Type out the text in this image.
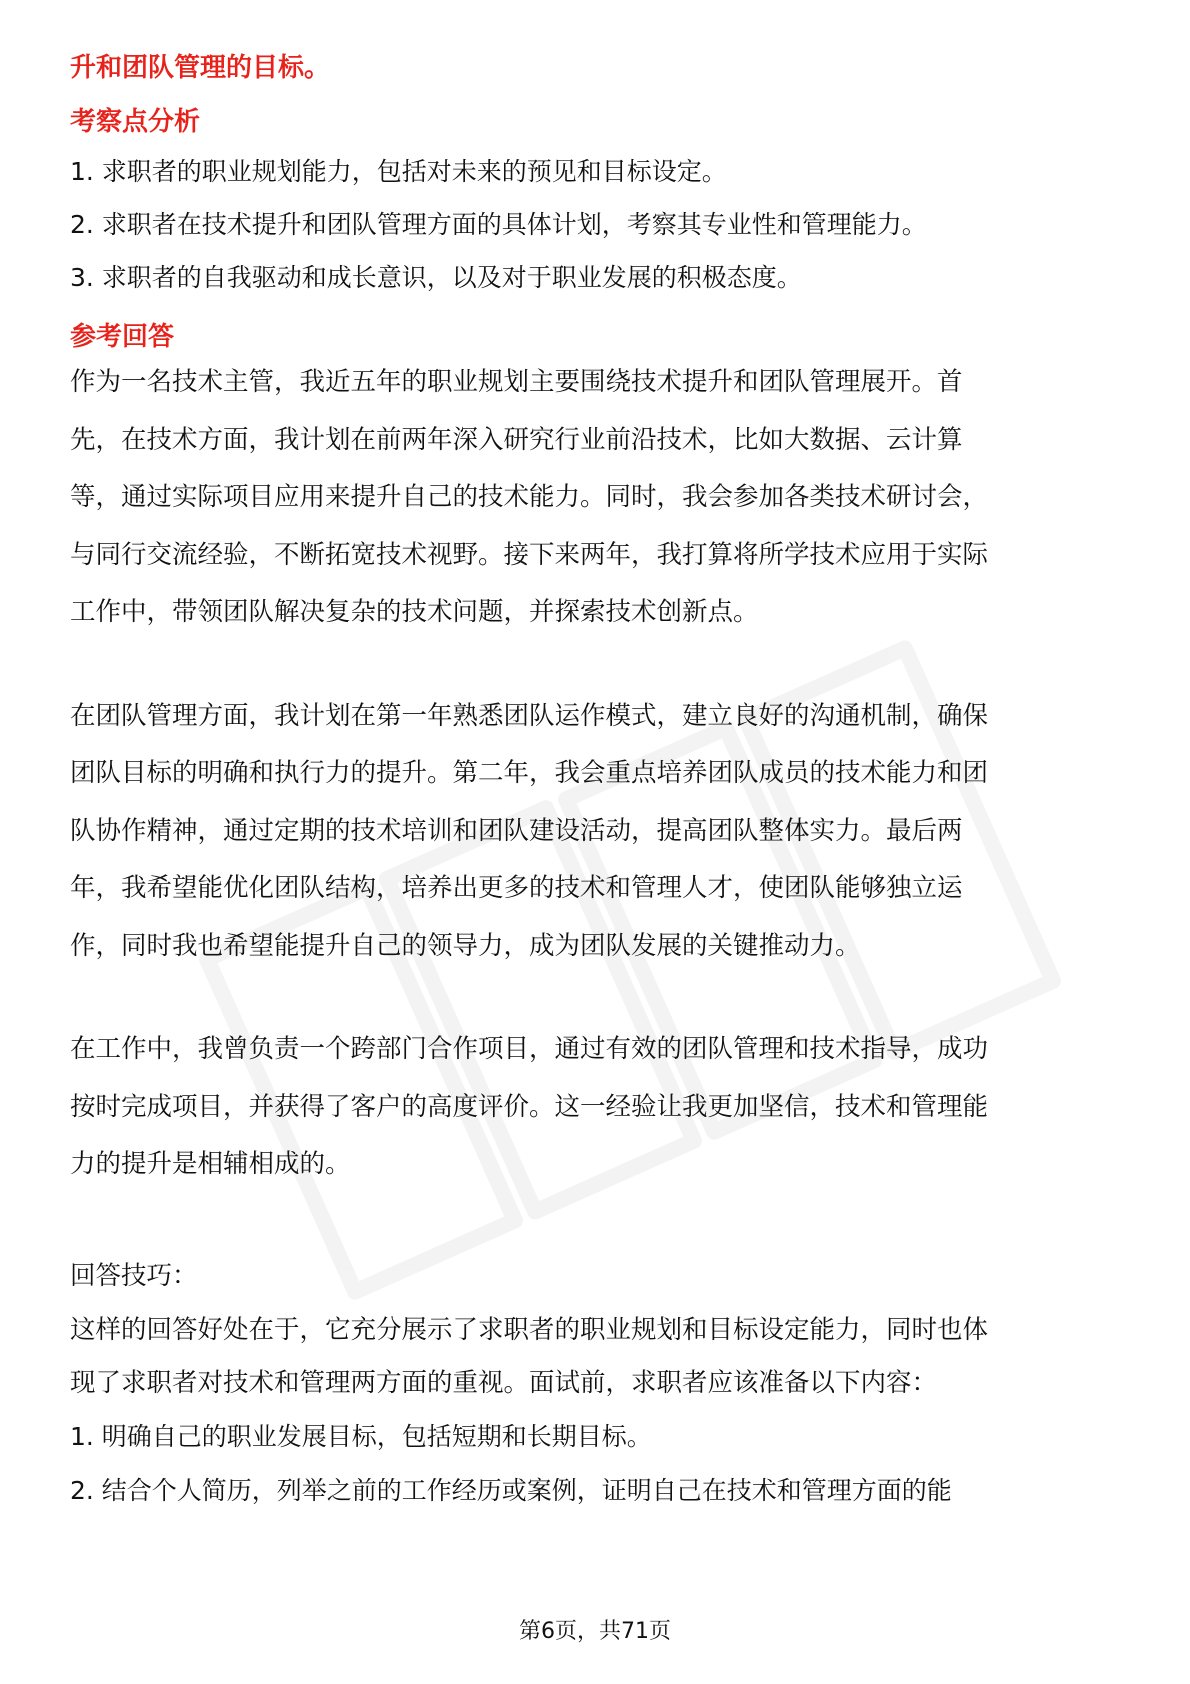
升和团队管理的目标。

考察点分析

1. 求职者的职业规划能力，包括对未来的预见和目标设定。

2. 求职者在技术提升和团队管理方面的具体计划，考察其专业性和管理能力。

3. 求职者的自我驱动和成长意识，以及对于职业发展的积极态度。

参考回答

作为一名技术主管，我近五年的职业规划主要围绕技术提升和团队管理展开。首

先，在技术方面，我计划在前两年深入研究行业前沿技术，比如大数据、云计算

等，通过实际项目应用来提升自己的技术能力。同时，我会参加各类技术研讨会，

与同行交流经验，不断拓宽技术视野。接下来两年，我打算将所学技术应用于实际

工作中，带领团队解决复杂的技术问题，并探索技术创新点。

在团队管理方面，我计划在第一年熟悉团队运作模式，建立良好的沟通机制，确保

团队目标的明确和执行力的提升。第二年，我会重点培养团队成员的技术能力和团

队协作精神，通过定期的技术培训和团队建设活动，提高团队整体实力。最后两

年，我希望能优化团队结构，培养出更多的技术和管理人才，使团队能够独立运

作，同时我也希望能提升自己的领导力，成为团队发展的关键推动力。

在工作中，我曾负责一个跨部门合作项目，通过有效的团队管理和技术指导，成功

按时完成项目，并获得了客户的高度评价。这一经验让我更加坚信，技术和管理能

力的提升是相辅相成的。

回答技巧：

这样的回答好处在于，它充分展示了求职者的职业规划和目标设定能力，同时也体

现了求职者对技术和管理两方面的重视。面试前，求职者应该准备以下内容：

1. 明确自己的职业发展目标，包括短期和长期目标。

2. 结合个人简历，列举之前的工作经历或案例，证明自己在技术和管理方面的能

第6页，共71页
